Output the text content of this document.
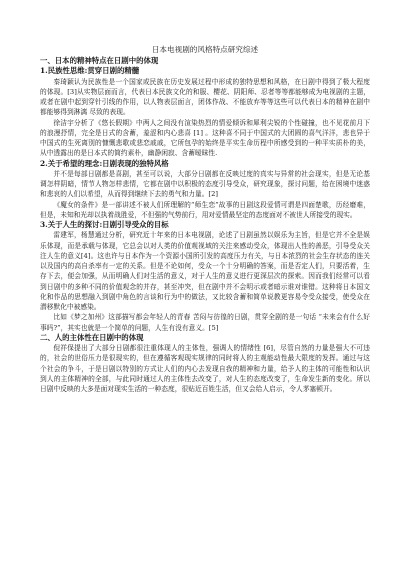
日本电视剧的风格特点研究综述
一、日本的精神特点在日剧中的体现
1.民族性思维:贯穿日剧的精髓

秦琦颖认为民族性是一个国家或民族在历史发展过程中形成的独特思想和风格，在日剧中得到了极大程度的体现。[3]从实物层面而言，代表日本民族文化的和服、樱花、阴阳师、忍者等等都能够成为电视剧的主题，或者在剧中起到穿针引线的作用，以人物表层面言，团体作战、不能放弃等等这些可以代表日本的精神在剧中都能够得到淋漓 尽致的表现。

徐洁宇分析了《悠长假期》中两人之间没有渲染热烈的情爱倾诉和犀利尖锐的个性碰撞，也不见花前月下的浪漫抒情，完全是日式的含蓄，羞涩和内心悲喜 [1] 。这种喜不同于中国式的大团圆的喜气洋洋，悲也异于中国式的生死离别的慷慨悲歌或悲恋戚戚，它所包孕的始终是平实生命历程中所感受到的一种平实质朴的美，从中透露出的是日本式的简约素朴，幽静闲寂、含蓄暧昧性.

2.关于希望的理念:日剧表现的独特风格

并不是每部日剧都是喜剧，甚至可以说，大部分日剧都在反映过度的真实与异常的社会现实，但是无论基调怎样阴暗，情节人物怎样悲情，它都在剧中以积极的态度引导受众，研究现象，探讨问题，给在困境中迷惑和悲哀的人们以希望，从而得到继续下去的勇气和力量。[2]

《魔女的条件》是一部讲述不被人们所理解的“师生恋”故事的日剧这段爱情可谓是四面楚歌，历经磨难，但是，未知和光却以执着战胜爱，不但强的气势前行，用对爱情最坚定的态度面对不被世人所接受的现实。

3.关于人生的探讨:日剧引导受众的目标

雷建军，杨慧通过分析，研究近十年来的日本电视剧，论述了日剧虽然以娱乐为主旨，但是它并不全是娱乐体现，而是承载与体现，它总会以对人类的价值观视域的关注来感动受众，体现出人性的善恶，引导受众关注人生的意义[4]。这也许与日本作为一个资源小国所引发的高度压力有关，与日本浓烈的社会生存状态的连关以及国内的高自杀率有一定的关系。但是不论如何，受众一个十分明确的答案，而是否定人们，只要活着，生存下去，便会加强，从而明确人们对生活的意义，对于人生的意义进行更深层次的探索。因而我们经常可以看到日剧中的多种不同的价值观念的并存，甚至冲突，但在剧中并不会明示或者暗示谁对谁错。这种将日本国文化和作品的思想融入到剧中角色的言谈和行为中的做法，又比较含蓄和简单说教更容易令受众接受，使受众在潜移默化中被感染。

比如《梦之加州》这部描写都会年轻人的青春 苦闷与彷徨的日剧，贯穿全剧的是一句话 “未来会有什么好事吗?”，其实也就是一个简单的问题，人生有没有意义。[5]

二、人的主体性在日剧中的体现

倪祥保提出了大部分日剧都很注重体现人的主体性，强调人的情绪性 [6]，尽管自然的力量是强大不可违的，社会的世俗压力是很现实的，但在遵循客观现实规律的同时将人的主观能动性最大限度的发挥。通过与这个社会的争斗，于是日剧以特别的方式让人们的内心去发现自我的精神和力量，给予人的主体的可能性和认识到人的主体精神的全部，与此同时通过人的主体性去改变了，对人生的态度改变了，生命发生新的变化。所以日剧中反映的大多是面对现实生活的一种态度，很贴近百姓生活，但又会给人启示，令人茅塞顿开。
